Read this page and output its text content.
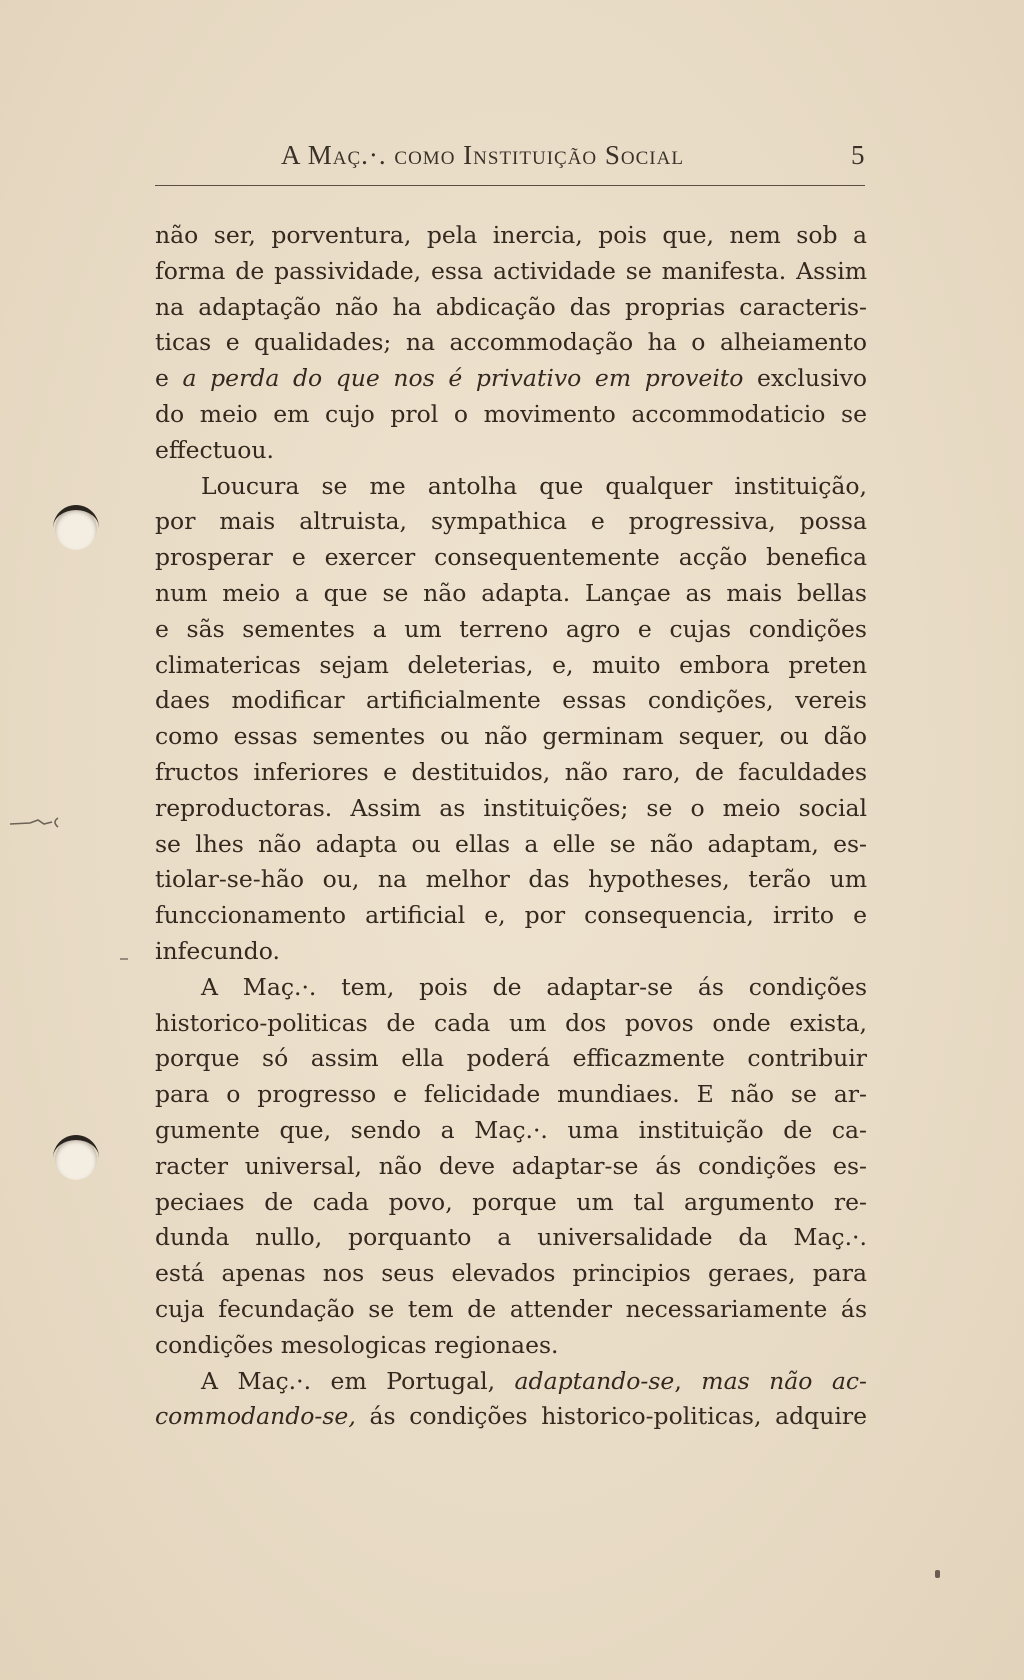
A Maç.·. como Instituição Social	5
não ser, porventura, pela inercia, pois que, nem sob a
forma de passividade, essa actividade se manifesta. Assim
na adaptação não ha abdicação das proprias caracteris-
ticas e qualidades; na accommodação ha o alheiamento
e a perda do que nos é privativo em proveito exclusivo
do meio em cujo prol o movimento accommodaticio se
effectuou.
Loucura se me antolha que qualquer instituição,
por mais altruista, sympathica e progressiva, possa
prosperar e exercer consequentemente acção benefica
num meio a que se não adapta. Lançae as mais bellas
e sãs sementes a um terreno agro e cujas condições
climatericas sejam deleterias, e, muito embora preten
daes modificar artificialmente essas condições, vereis
como essas sementes ou não germinam sequer, ou dão
fructos inferiores e destituidos, não raro, de faculdades
reproductoras. Assim as instituições; se o meio social
se lhes não adapta ou ellas a elle se não adaptam, es-
tiolar-se-hão ou, na melhor das hypotheses, terão um
funccionamento artificial e, por consequencia, irrito e
infecundo.
A Maç.·. tem, pois de adaptar-se ás condições
historico-politicas de cada um dos povos onde exista,
porque só assim ella poderá efficazmente contribuir
para o progresso e felicidade mundiaes. E não se ar-
gumente que, sendo a Maç.·. uma instituição de ca-
racter universal, não deve adaptar-se ás condições es-
peciaes de cada povo, porque um tal argumento re-
dunda nullo, porquanto a universalidade da Maç.·.
está apenas nos seus elevados principios geraes, para
cuja fecundação se tem de attender necessariamente ás
condições mesologicas regionaes.
A Maç.·. em Portugal, adaptando-se, mas não ac-
commodando-se, ás condições historico-politicas, adquire
